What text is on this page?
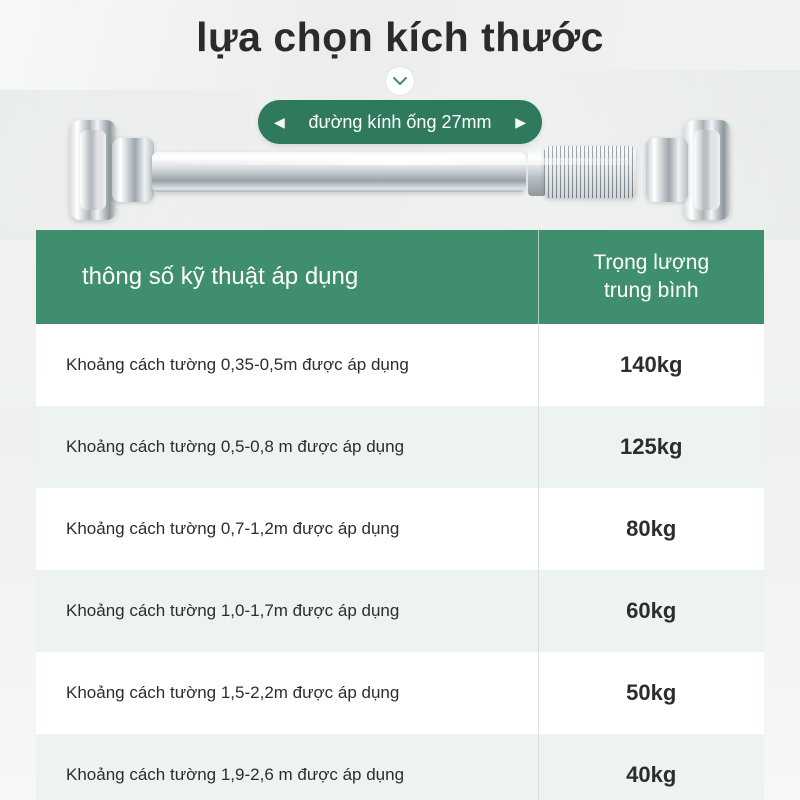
lựa chọn kích thước
◀	đường kính ống 27mm	▶
thông số kỹ thuật áp dụng	Trọng lượng
trung bình

Khoảng cách tường 0,35-0,5m được áp dụng	140kg
Khoảng cách tường 0,5-0,8 m được áp dụng	125kg
Khoảng cách tường 0,7-1,2m được áp dụng	80kg
Khoảng cách tường 1,0-1,7m được áp dụng	60kg
Khoảng cách tường 1,5-2,2m được áp dụng	50kg
Khoảng cách tường 1,9-2,6 m được áp dụng	40kg
